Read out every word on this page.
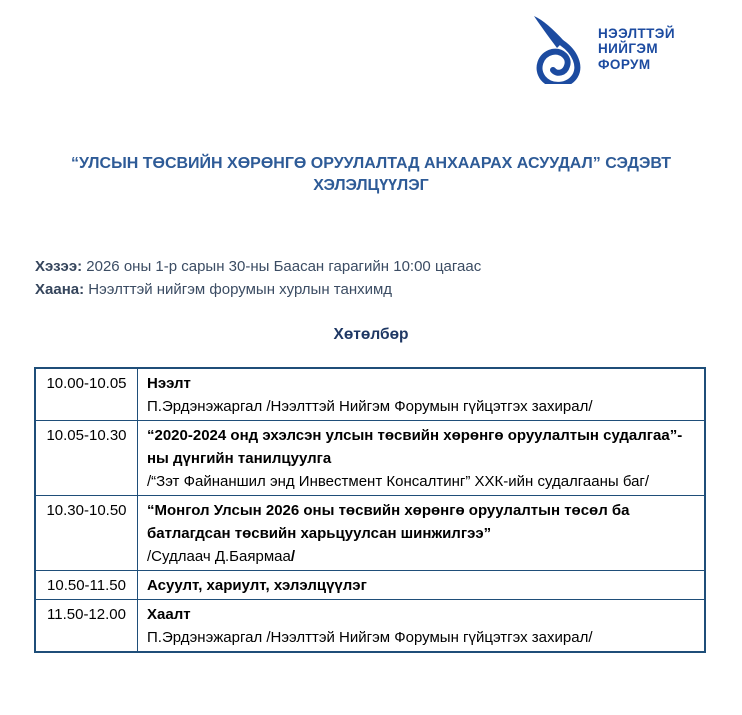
НЭЭЛТТЭЙ
НИЙГЭМ
ФОРУМ
“УЛСЫН ТӨСВИЙН ХӨРӨНГӨ ОРУУЛАЛТАД АНХААРАХ АСУУДАЛ” СЭДЭВТ ХЭЛЭЛЦҮҮЛЭГ
Хэзээ: 2026 оны 1-р сарын 30-ны Баасан гарагийн 10:00 цагаас
Хаана: Нээлттэй нийгэм форумын хурлын танхимд
Хөтөлбөр
10.00-10.05	Нээлт
П.Эрдэнэжаргал /Нээлттэй Нийгэм Форумын гүйцэтгэх захирал/
10.05-10.30	“2020-2024 онд эхэлсэн улсын төсвийн хөрөнгө оруулалтын судалгаа”-ны дүнгийн танилцуулга
/“Зэт Файнаншил энд Инвестмент Консалтинг” ХХК-ийн судалгааны баг/
10.30-10.50	“Монгол Улсын 2026 оны төсвийн хөрөнгө оруулалтын төсөл ба батлагдсан төсвийн харьцуулсан шинжилгээ”
/Судлаач Д.Баярмаа/
10.50-11.50	Асуулт, хариулт, хэлэлцүүлэг
11.50-12.00	Хаалт
П.Эрдэнэжаргал /Нээлттэй Нийгэм Форумын гүйцэтгэх захирал/
